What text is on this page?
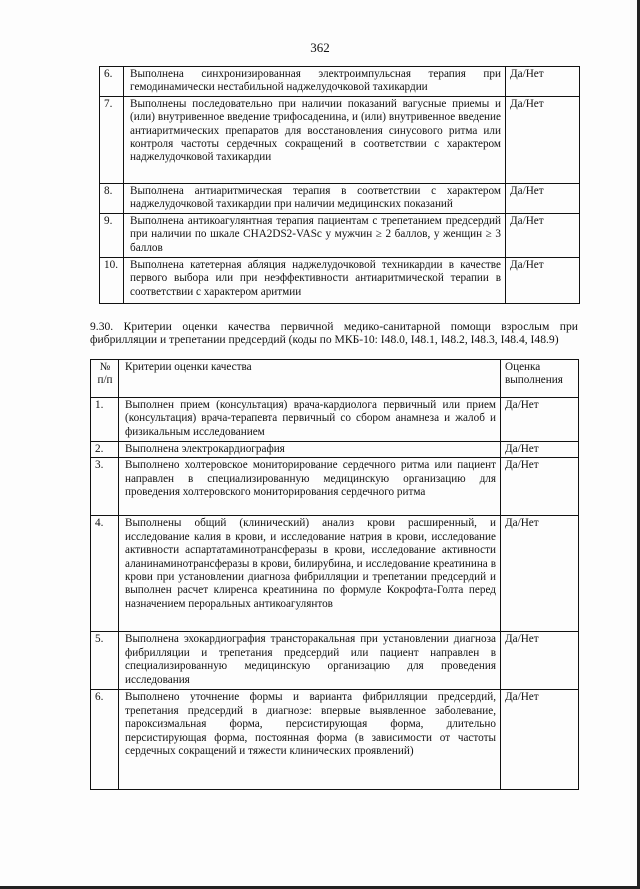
362
6.	Выполнена синхронизированная электроимпульсная терапия при гемодинамически нестабильной наджелудочковой тахикардии	Да/Нет
7.	Выполнены последовательно при наличии показаний вагусные приемы и (или) внутривенное введение трифосаденина, и (или) внутривенное введение антиаритмических препаратов для восстановления синусового ритма или контроля частоты сердечных сокращений в соответствии с характером наджелудочковой тахикардии	Да/Нет
8.	Выполнена антиаритмическая терапия в соответствии с характером наджелудочковой тахикардии при наличии медицинских показаний	Да/Нет
9.	Выполнена антикоагулянтная терапия пациентам с трепетанием предсердий при наличии по шкале CHA2DS2-VASc у мужчин ≥ 2 баллов, у женщин ≥ 3 баллов	Да/Нет
10.	Выполнена катетерная абляция наджелудочковой техникардии в качестве первого выбора или при неэффективности антиаритмической терапии в соответствии с характером аритмии	Да/Нет
9.30. Критерии оценки качества первичной медико-санитарной помощи взрослым при фибрилляции и трепетании предсердий (коды по МКБ-10: I48.0, I48.1, I48.2, I48.3, I48.4, I48.9)
№ п/п	Критерии оценки качества	Оценка выполнения
1.	Выполнен прием (консультация) врача-кардиолога первичный или прием (консультация) врача-терапевта первичный со сбором анамнеза и жалоб и физикальным исследованием	Да/Нет
2.	Выполнена электрокардиография	Да/Нет
3.	Выполнено холтеровское мониторирование сердечного ритма или пациент направлен в специализированную медицинскую организацию для проведения холтеровского мониторирования сердечного ритма	Да/Нет
4.	Выполнены общий (клинический) анализ крови расширенный, и исследование калия в крови, и исследование натрия в крови, исследование активности аспартатаминотрансферазы в крови, исследование активности аланинаминотрансферазы в крови, билирубина, и исследование креатинина в крови при установлении диагноза фибрилляции и трепетании предсердий и выполнен расчет клиренса креатинина по формуле Кокрофта-Голта перед назначением пероральных антикоагулянтов	Да/Нет
5.	Выполнена эхокардиография трансторакальная при установлении диагноза фибрилляции и трепетания предсердий или пациент направлен в специализированную медицинскую организацию для проведения исследования	Да/Нет
6.	Выполнено уточнение формы и варианта фибрилляции предсердий, трепетания предсердий в диагнозе: впервые выявленное заболевание, пароксизмальная форма, персистирующая форма, длительно персистирующая форма, постоянная форма (в зависимости от частоты сердечных сокращений и тяжести клинических проявлений)	Да/Нет
